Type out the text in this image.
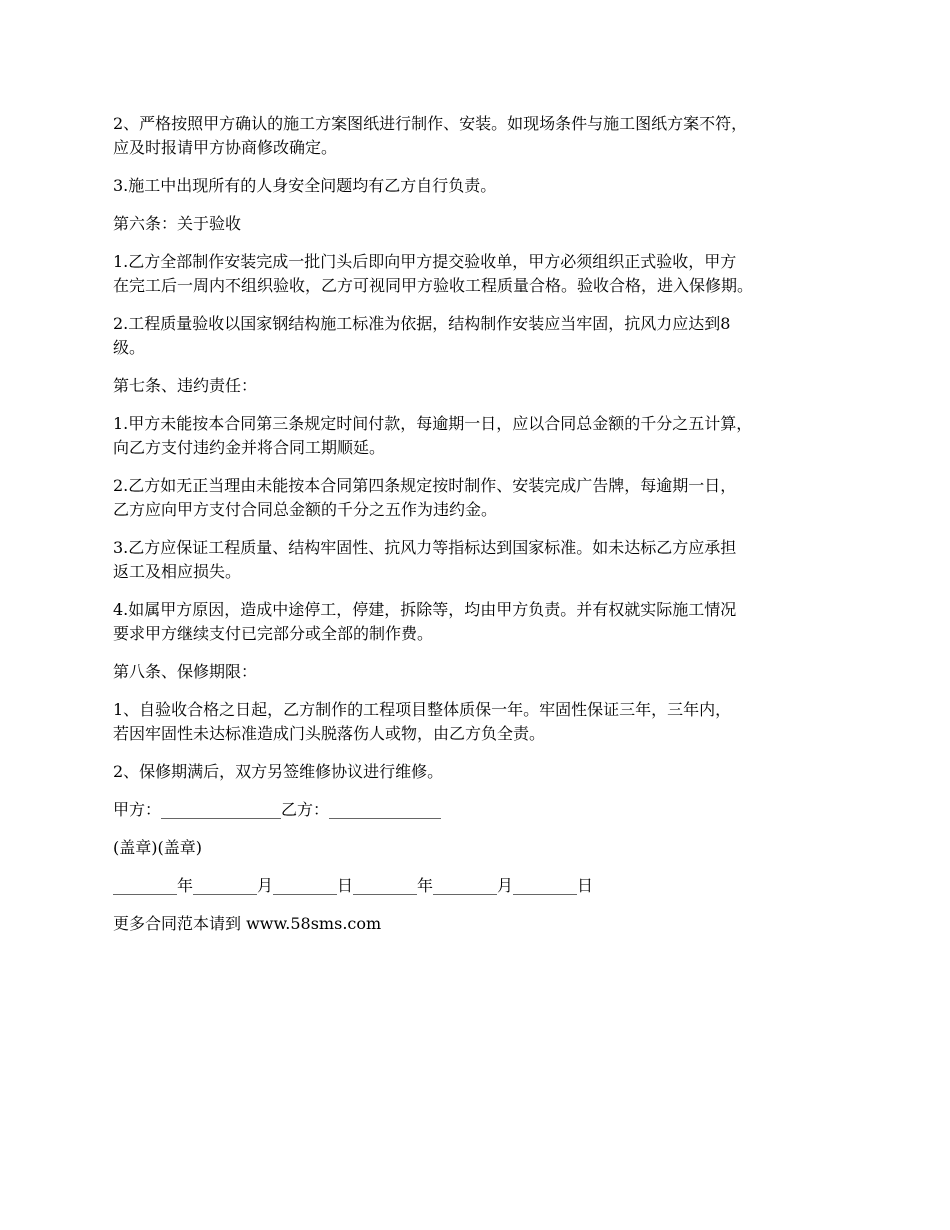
2、严格按照甲方确认的施工方案图纸进行制作、安装。如现场条件与施工图纸方案不符，
应及时报请甲方协商修改确定。

3.施工中出现所有的人身安全问题均有乙方自行负责。

第六条：关于验收

1.乙方全部制作安装完成一批门头后即向甲方提交验收单，甲方必须组织正式验收，甲方
在完工后一周内不组织验收，乙方可视同甲方验收工程质量合格。验收合格，进入保修期。

2.工程质量验收以国家钢结构施工标准为依据，结构制作安装应当牢固，抗风力应达到8
级。

第七条、违约责任：

1.甲方未能按本合同第三条规定时间付款，每逾期一日，应以合同总金额的千分之五计算，
向乙方支付违约金并将合同工期顺延。

2.乙方如无正当理由未能按本合同第四条规定按时制作、安装完成广告牌，每逾期一日，
乙方应向甲方支付合同总金额的千分之五作为违约金。

3.乙方应保证工程质量、结构牢固性、抗风力等指标达到国家标准。如未达标乙方应承担
返工及相应损失。

4.如属甲方原因，造成中途停工，停建，拆除等，均由甲方负责。并有权就实际施工情况
要求甲方继续支付已完部分或全部的制作费。

第八条、保修期限：

1、自验收合格之日起，乙方制作的工程项目整体质保一年。牢固性保证三年，三年内，
若因牢固性未达标准造成门头脱落伤人或物，由乙方负全责。

2、保修期满后，双方另签维修协议进行维修。

甲方：_______________乙方：______________

(盖章)(盖章)

________年________月________日________年________月________日

更多合同范本请到 www.58sms.com
